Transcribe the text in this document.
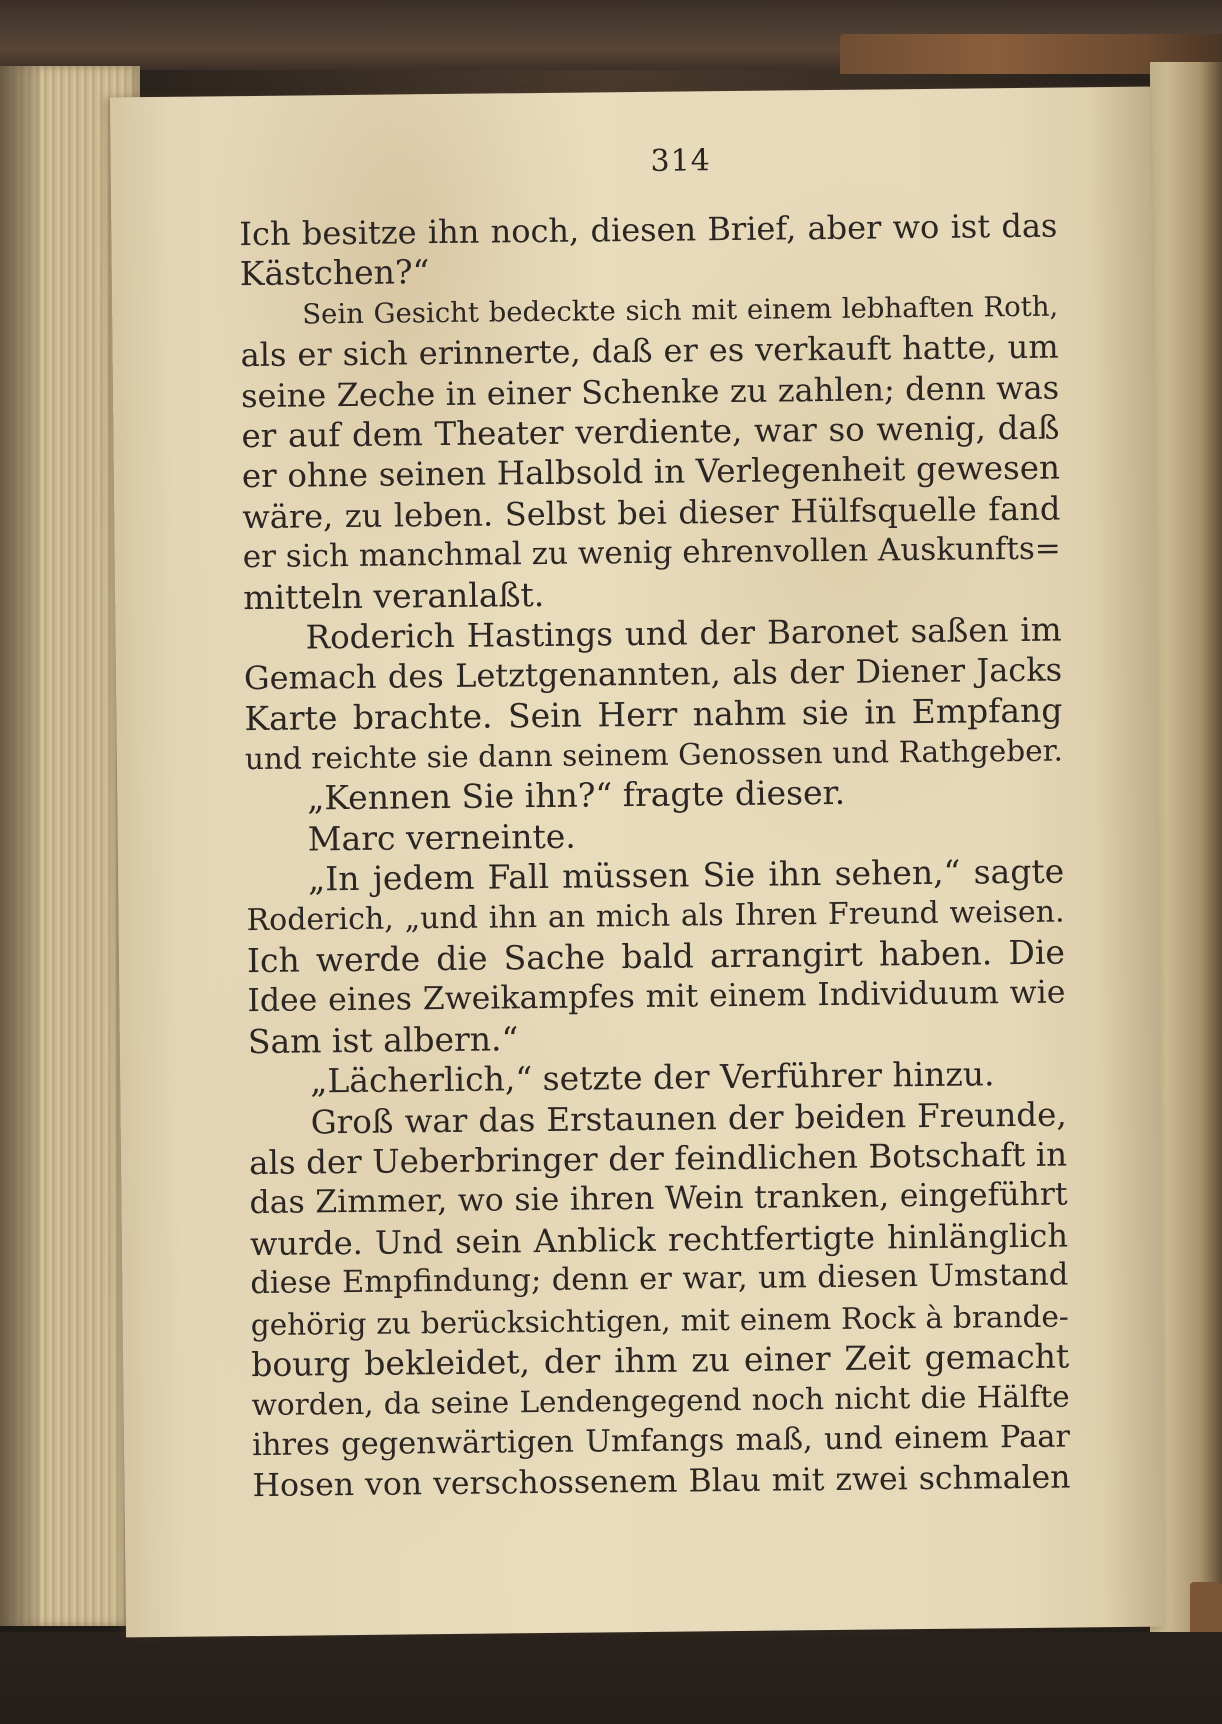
314
Ich besitze ihn noch, diesen Brief, aber wo ist das
Kästchen?“
Sein Gesicht bedeckte sich mit einem lebhaften Roth,
als er sich erinnerte, daß er es verkauft hatte, um
seine Zeche in einer Schenke zu zahlen; denn was
er auf dem Theater verdiente, war so wenig, daß
er ohne seinen Halbsold in Verlegenheit gewesen
wäre, zu leben. Selbst bei dieser Hülfsquelle fand
er sich manchmal zu wenig ehrenvollen Auskunfts=
mitteln veranlaßt.
Roderich Hastings und der Baronet saßen im
Gemach des Letztgenannten, als der Diener Jacks
Karte brachte. Sein Herr nahm sie in Empfang
und reichte sie dann seinem Genossen und Rathgeber.
„Kennen Sie ihn?“ fragte dieser.
Marc verneinte.
„In jedem Fall müssen Sie ihn sehen,“ sagte
Roderich, „und ihn an mich als Ihren Freund weisen.
Ich werde die Sache bald arrangirt haben. Die
Idee eines Zweikampfes mit einem Individuum wie
Sam ist albern.“
„Lächerlich,“ setzte der Verführer hinzu.
Groß war das Erstaunen der beiden Freunde,
als der Ueberbringer der feindlichen Botschaft in
das Zimmer, wo sie ihren Wein tranken, eingeführt
wurde. Und sein Anblick rechtfertigte hinlänglich
diese Empfindung; denn er war, um diesen Umstand
gehörig zu berücksichtigen, mit einem Rock à brande-
bourg bekleidet, der ihm zu einer Zeit gemacht
worden, da seine Lendengegend noch nicht die Hälfte
ihres gegenwärtigen Umfangs maß, und einem Paar
Hosen von verschossenem Blau mit zwei schmalen
